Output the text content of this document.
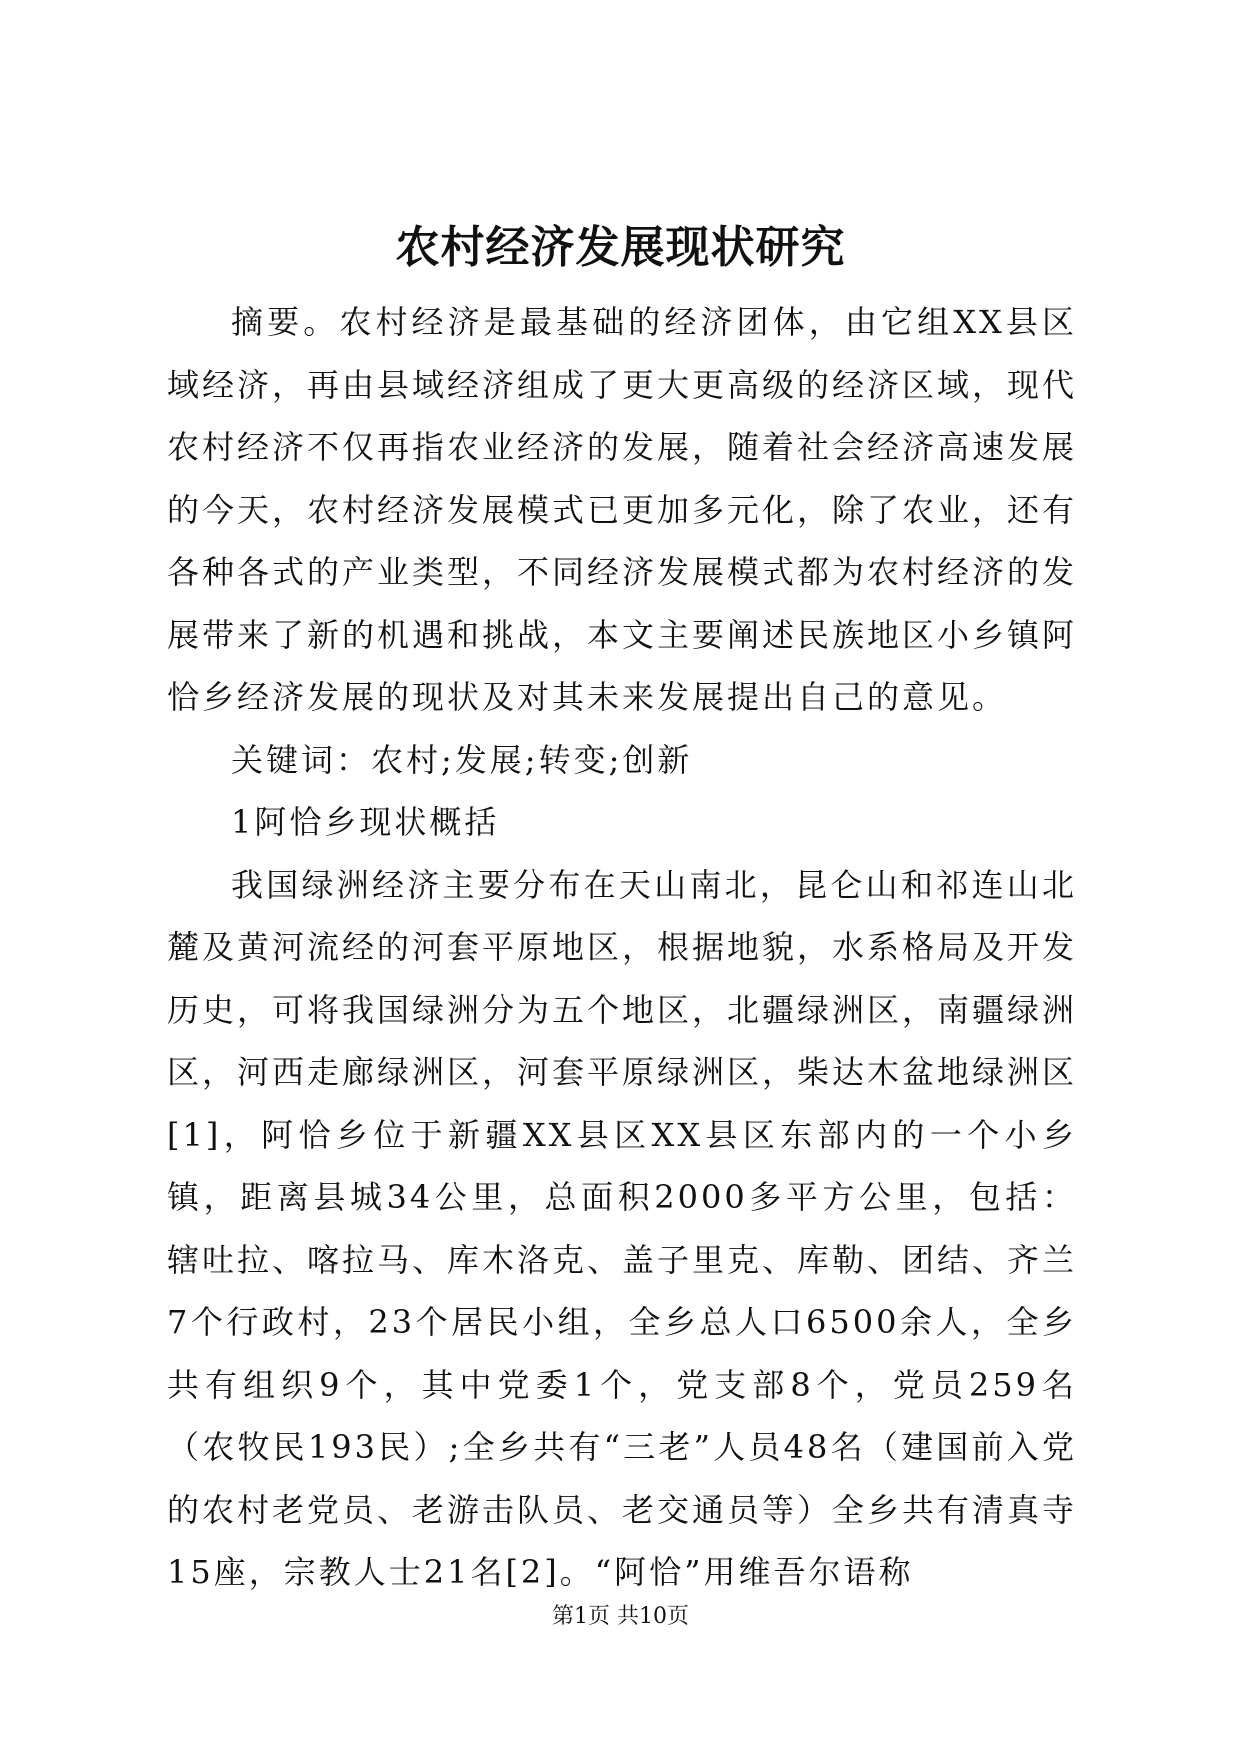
农村经济发展现状研究

摘要。农村经济是最基础的经济团体，由它组XX县区域经济，再由县域经济组成了更大更高级的经济区域，现代农村经济不仅再指农业经济的发展，随着社会经济高速发展的今天，农村经济发展模式已更加多元化，除了农业，还有各种各式的产业类型，不同经济发展模式都为农村经济的发展带来了新的机遇和挑战，本文主要阐述民族地区小乡镇阿恰乡经济发展的现状及对其未来发展提出自己的意见。

关键词：农村;发展;转变;创新

1阿恰乡现状概括

我国绿洲经济主要分布在天山南北，昆仑山和祁连山北麓及黄河流经的河套平原地区，根据地貌，水系格局及开发历史，可将我国绿洲分为五个地区，北疆绿洲区，南疆绿洲区，河西走廊绿洲区，河套平原绿洲区，柴达木盆地绿洲区[1]，阿恰乡位于新疆XX县区XX县区东部内的一个小乡镇，距离县城34公里，总面积2000多平方公里，包括：辖吐拉、喀拉马、库木洛克、盖子里克、库勒、团结、齐兰7个行政村，23个居民小组，全乡总人口6500余人，全乡共有组织9个，其中党委1个，党支部8个，党员259名（农牧民193民）;全乡共有“三老”人员48名（建国前入党的农村老党员、老游击队员、老交通员等）全乡共有清真寺15座，宗教人士21名[2]。“阿恰”用维吾尔语称

第1页 共10页
